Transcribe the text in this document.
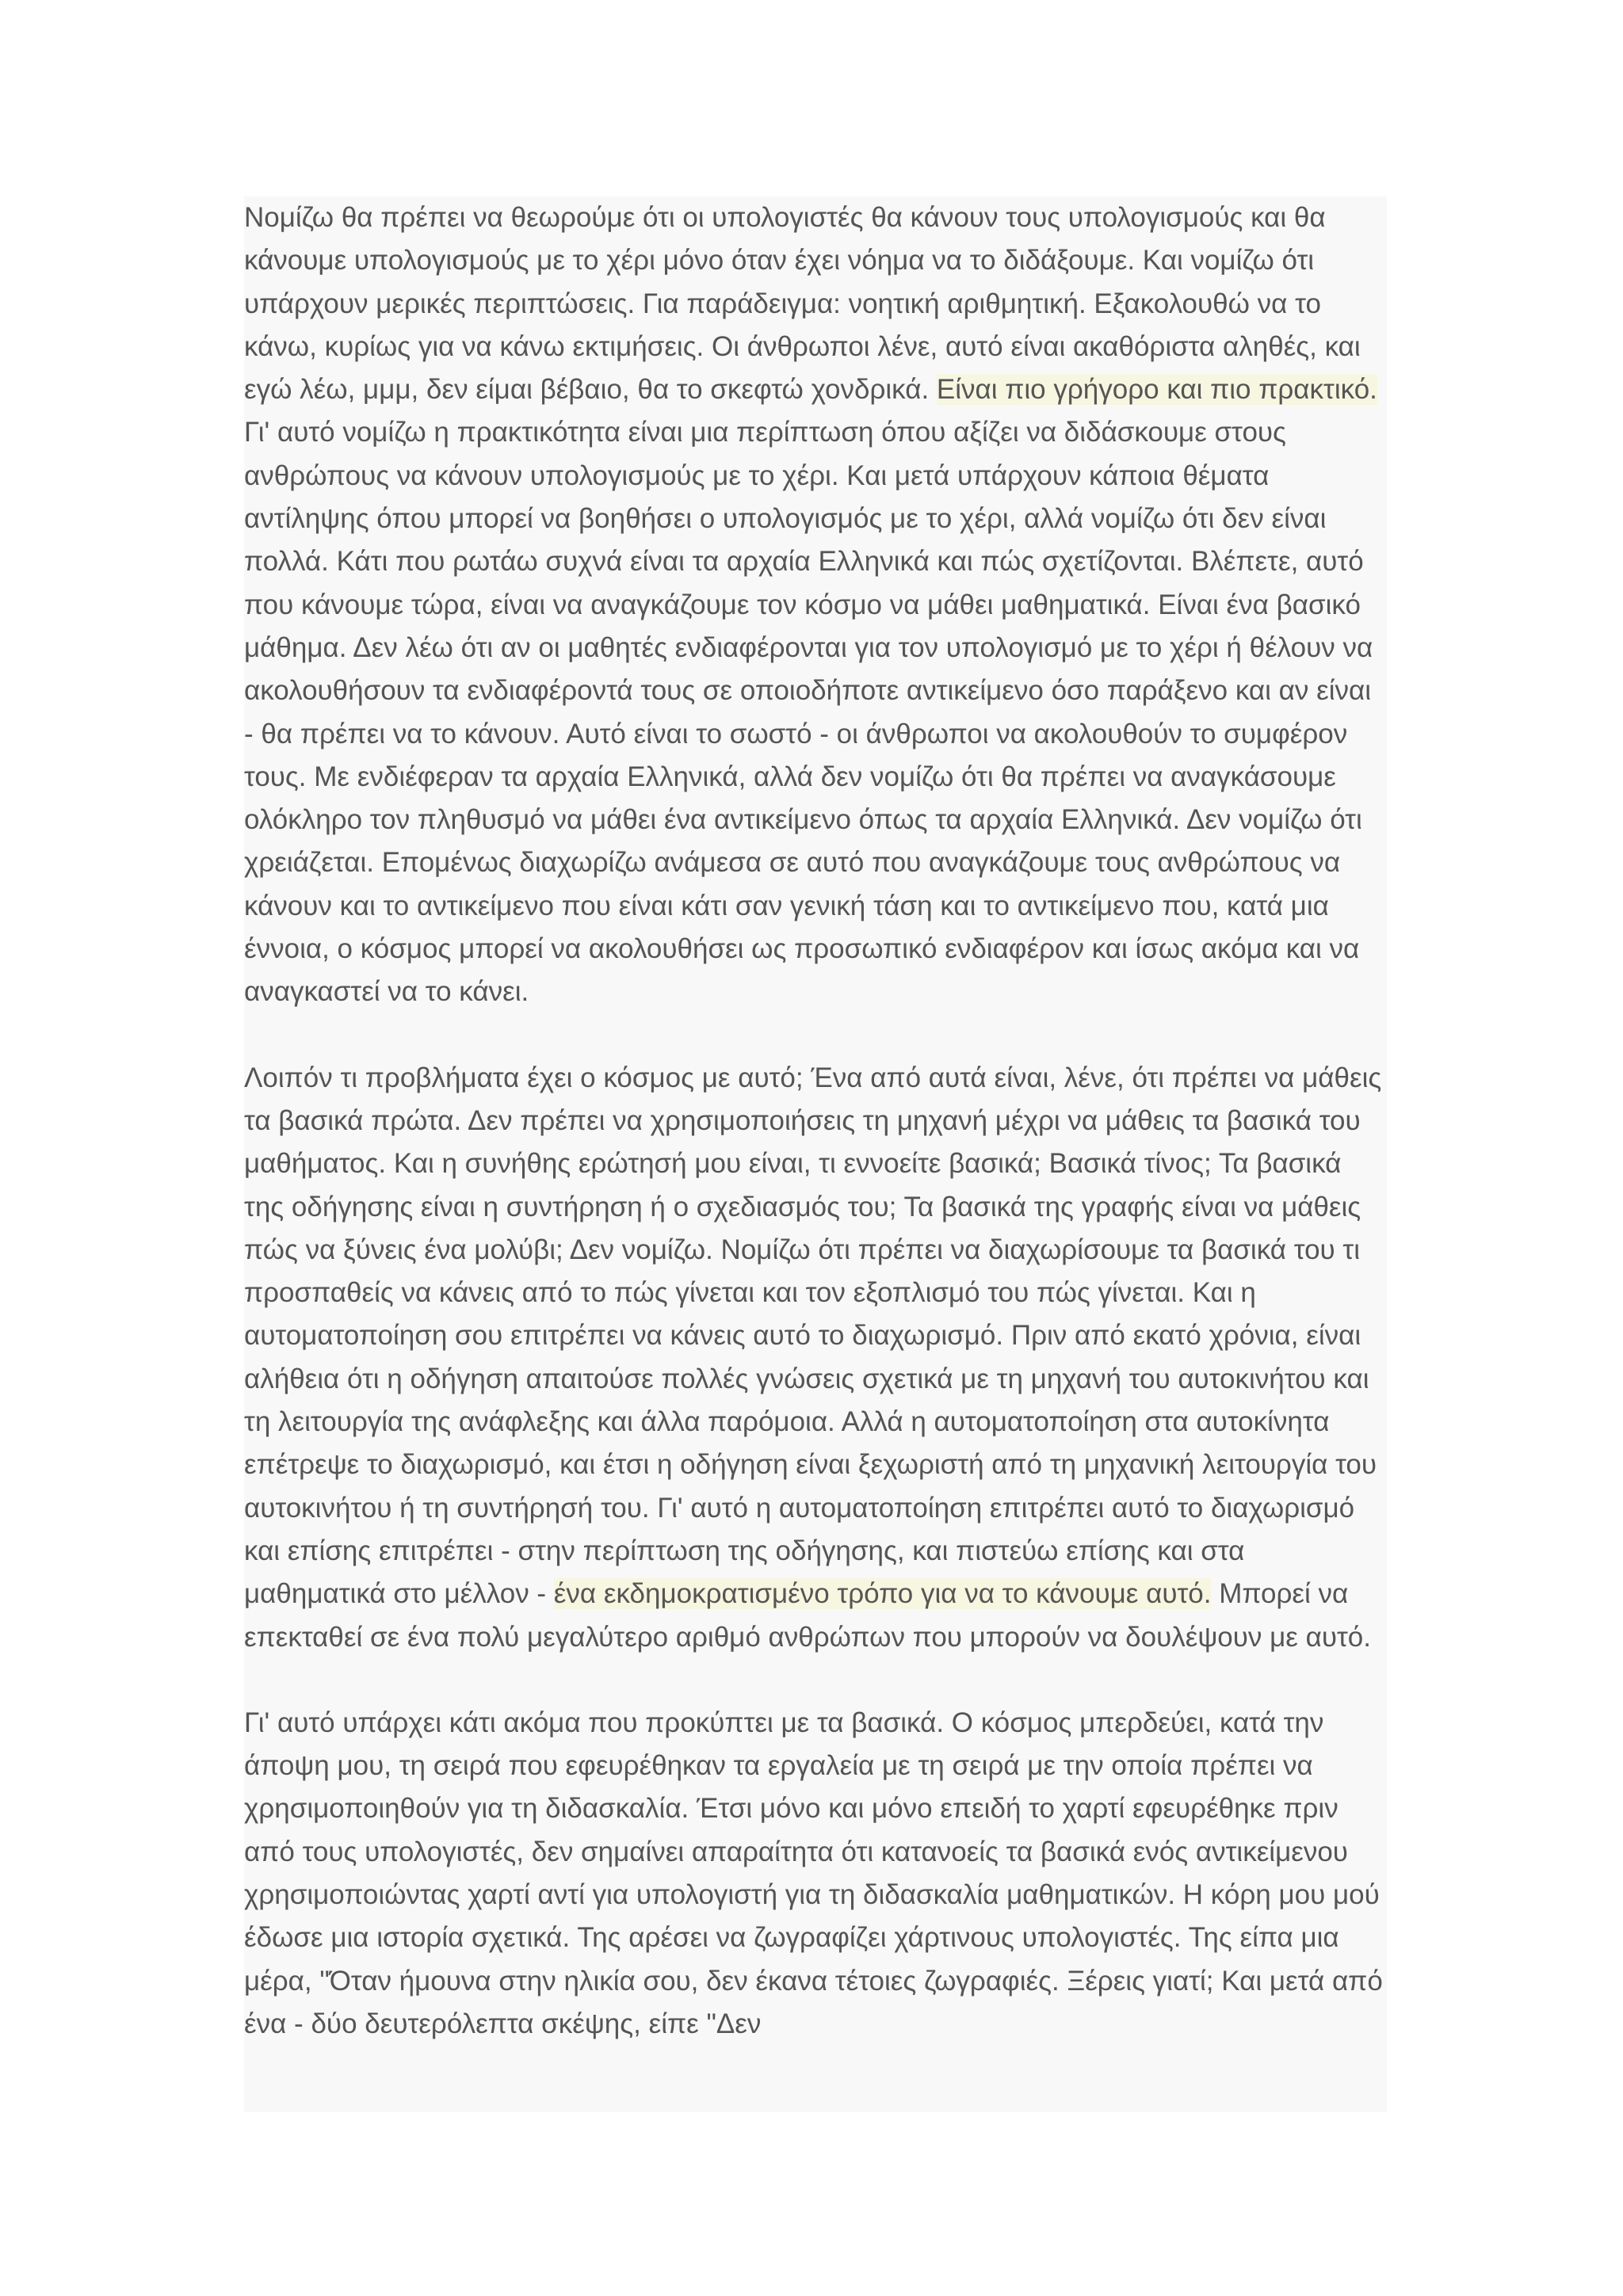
Νομίζω θα πρέπει να θεωρούμε ότι οι υπολογιστές θα κάνουν τους υπολογισμούς και θα κάνουμε υπολογισμούς με το χέρι μόνο όταν έχει νόημα να το διδάξουμε. Και νομίζω ότι υπάρχουν μερικές περιπτώσεις. Για παράδειγμα: νοητική αριθμητική. Εξακολουθώ να το κάνω, κυρίως για να κάνω εκτιμήσεις. Οι άνθρωποι λένε, αυτό είναι ακαθόριστα αληθές, και εγώ λέω, μμμ, δεν είμαι βέβαιο, θα το σκεφτώ χονδρικά. Είναι πιο γρήγορο και πιο πρακτικό. Γι' αυτό νομίζω η πρακτικότητα είναι μια περίπτωση όπου αξίζει να διδάσκουμε στους ανθρώπους να κάνουν υπολογισμούς με το χέρι. Και μετά υπάρχουν κάποια θέματα αντίληψης όπου μπορεί να βοηθήσει ο υπολογισμός με το χέρι, αλλά νομίζω ότι δεν είναι πολλά. Κάτι που ρωτάω συχνά είναι τα αρχαία Ελληνικά και πώς σχετίζονται. Βλέπετε, αυτό που κάνουμε τώρα, είναι να αναγκάζουμε τον κόσμο να μάθει μαθηματικά. Είναι ένα βασικό μάθημα. Δεν λέω ότι αν οι μαθητές ενδιαφέρονται για τον υπολογισμό με το χέρι ή θέλουν να ακολουθήσουν τα ενδιαφέροντά τους σε οποιοδήποτε αντικείμενο όσο παράξενο και αν είναι - θα πρέπει να το κάνουν. Αυτό είναι το σωστό - οι άνθρωποι να ακολουθούν το συμφέρον τους. Με ενδιέφεραν τα αρχαία Ελληνικά, αλλά δεν νομίζω ότι θα πρέπει να αναγκάσουμε ολόκληρο τον πληθυσμό να μάθει ένα αντικείμενο όπως τα αρχαία Ελληνικά. Δεν νομίζω ότι χρειάζεται. Επομένως διαχωρίζω ανάμεσα σε αυτό που αναγκάζουμε τους ανθρώπους να κάνουν και το αντικείμενο που είναι κάτι σαν γενική τάση και το αντικείμενο που, κατά μια έννοια, ο κόσμος μπορεί να ακολουθήσει ως προσωπικό ενδιαφέρον και ίσως ακόμα και να αναγκαστεί να το κάνει.

Λοιπόν τι προβλήματα έχει ο κόσμος με αυτό; Ένα από αυτά είναι, λένε, ότι πρέπει να μάθεις τα βασικά πρώτα. Δεν πρέπει να χρησιμοποιήσεις τη μηχανή μέχρι να μάθεις τα βασικά του μαθήματος. Και η συνήθης ερώτησή μου είναι, τι εννοείτε βασικά; Βασικά τίνος; Τα βασικά της οδήγησης είναι η συντήρηση ή ο σχεδιασμός του; Τα βασικά της γραφής είναι να μάθεις πώς να ξύνεις ένα μολύβι; Δεν νομίζω. Νομίζω ότι πρέπει να διαχωρίσουμε τα βασικά του τι προσπαθείς να κάνεις από το πώς γίνεται και τον εξοπλισμό του πώς γίνεται. Και η αυτοματοποίηση σου επιτρέπει να κάνεις αυτό το διαχωρισμό. Πριν από εκατό χρόνια, είναι αλήθεια ότι η οδήγηση απαιτούσε πολλές γνώσεις σχετικά με τη μηχανή του αυτοκινήτου και τη λειτουργία της ανάφλεξης και άλλα παρόμοια. Αλλά η αυτοματοποίηση στα αυτοκίνητα επέτρεψε το διαχωρισμό, και έτσι η οδήγηση είναι ξεχωριστή από τη μηχανική λειτουργία του αυτοκινήτου ή τη συντήρησή του. Γι' αυτό η αυτοματοποίηση επιτρέπει αυτό το διαχωρισμό και επίσης επιτρέπει - στην περίπτωση της οδήγησης, και πιστεύω επίσης και στα μαθηματικά στο μέλλον - ένα εκδημοκρατισμένο τρόπο για να το κάνουμε αυτό. Μπορεί να επεκταθεί σε ένα πολύ μεγαλύτερο αριθμό ανθρώπων που μπορούν να δουλέψουν με αυτό.

Γι' αυτό υπάρχει κάτι ακόμα που προκύπτει με τα βασικά. Ο κόσμος μπερδεύει, κατά την άποψη μου, τη σειρά που εφευρέθηκαν τα εργαλεία με τη σειρά με την οποία πρέπει να χρησιμοποιηθούν για τη διδασκαλία. Έτσι μόνο και μόνο επειδή το χαρτί εφευρέθηκε πριν από τους υπολογιστές, δεν σημαίνει απαραίτητα ότι κατανοείς τα βασικά ενός αντικείμενου χρησιμοποιώντας χαρτί αντί για υπολογιστή για τη διδασκαλία μαθηματικών. Η κόρη μου μού έδωσε μια ιστορία σχετικά. Της αρέσει να ζωγραφίζει χάρτινους υπολογιστές. Της είπα μια μέρα, "Όταν ήμουνα στην ηλικία σου, δεν έκανα τέτοιες ζωγραφιές. Ξέρεις γιατί; Και μετά από ένα - δύο δευτερόλεπτα σκέψης, είπε "Δεν
